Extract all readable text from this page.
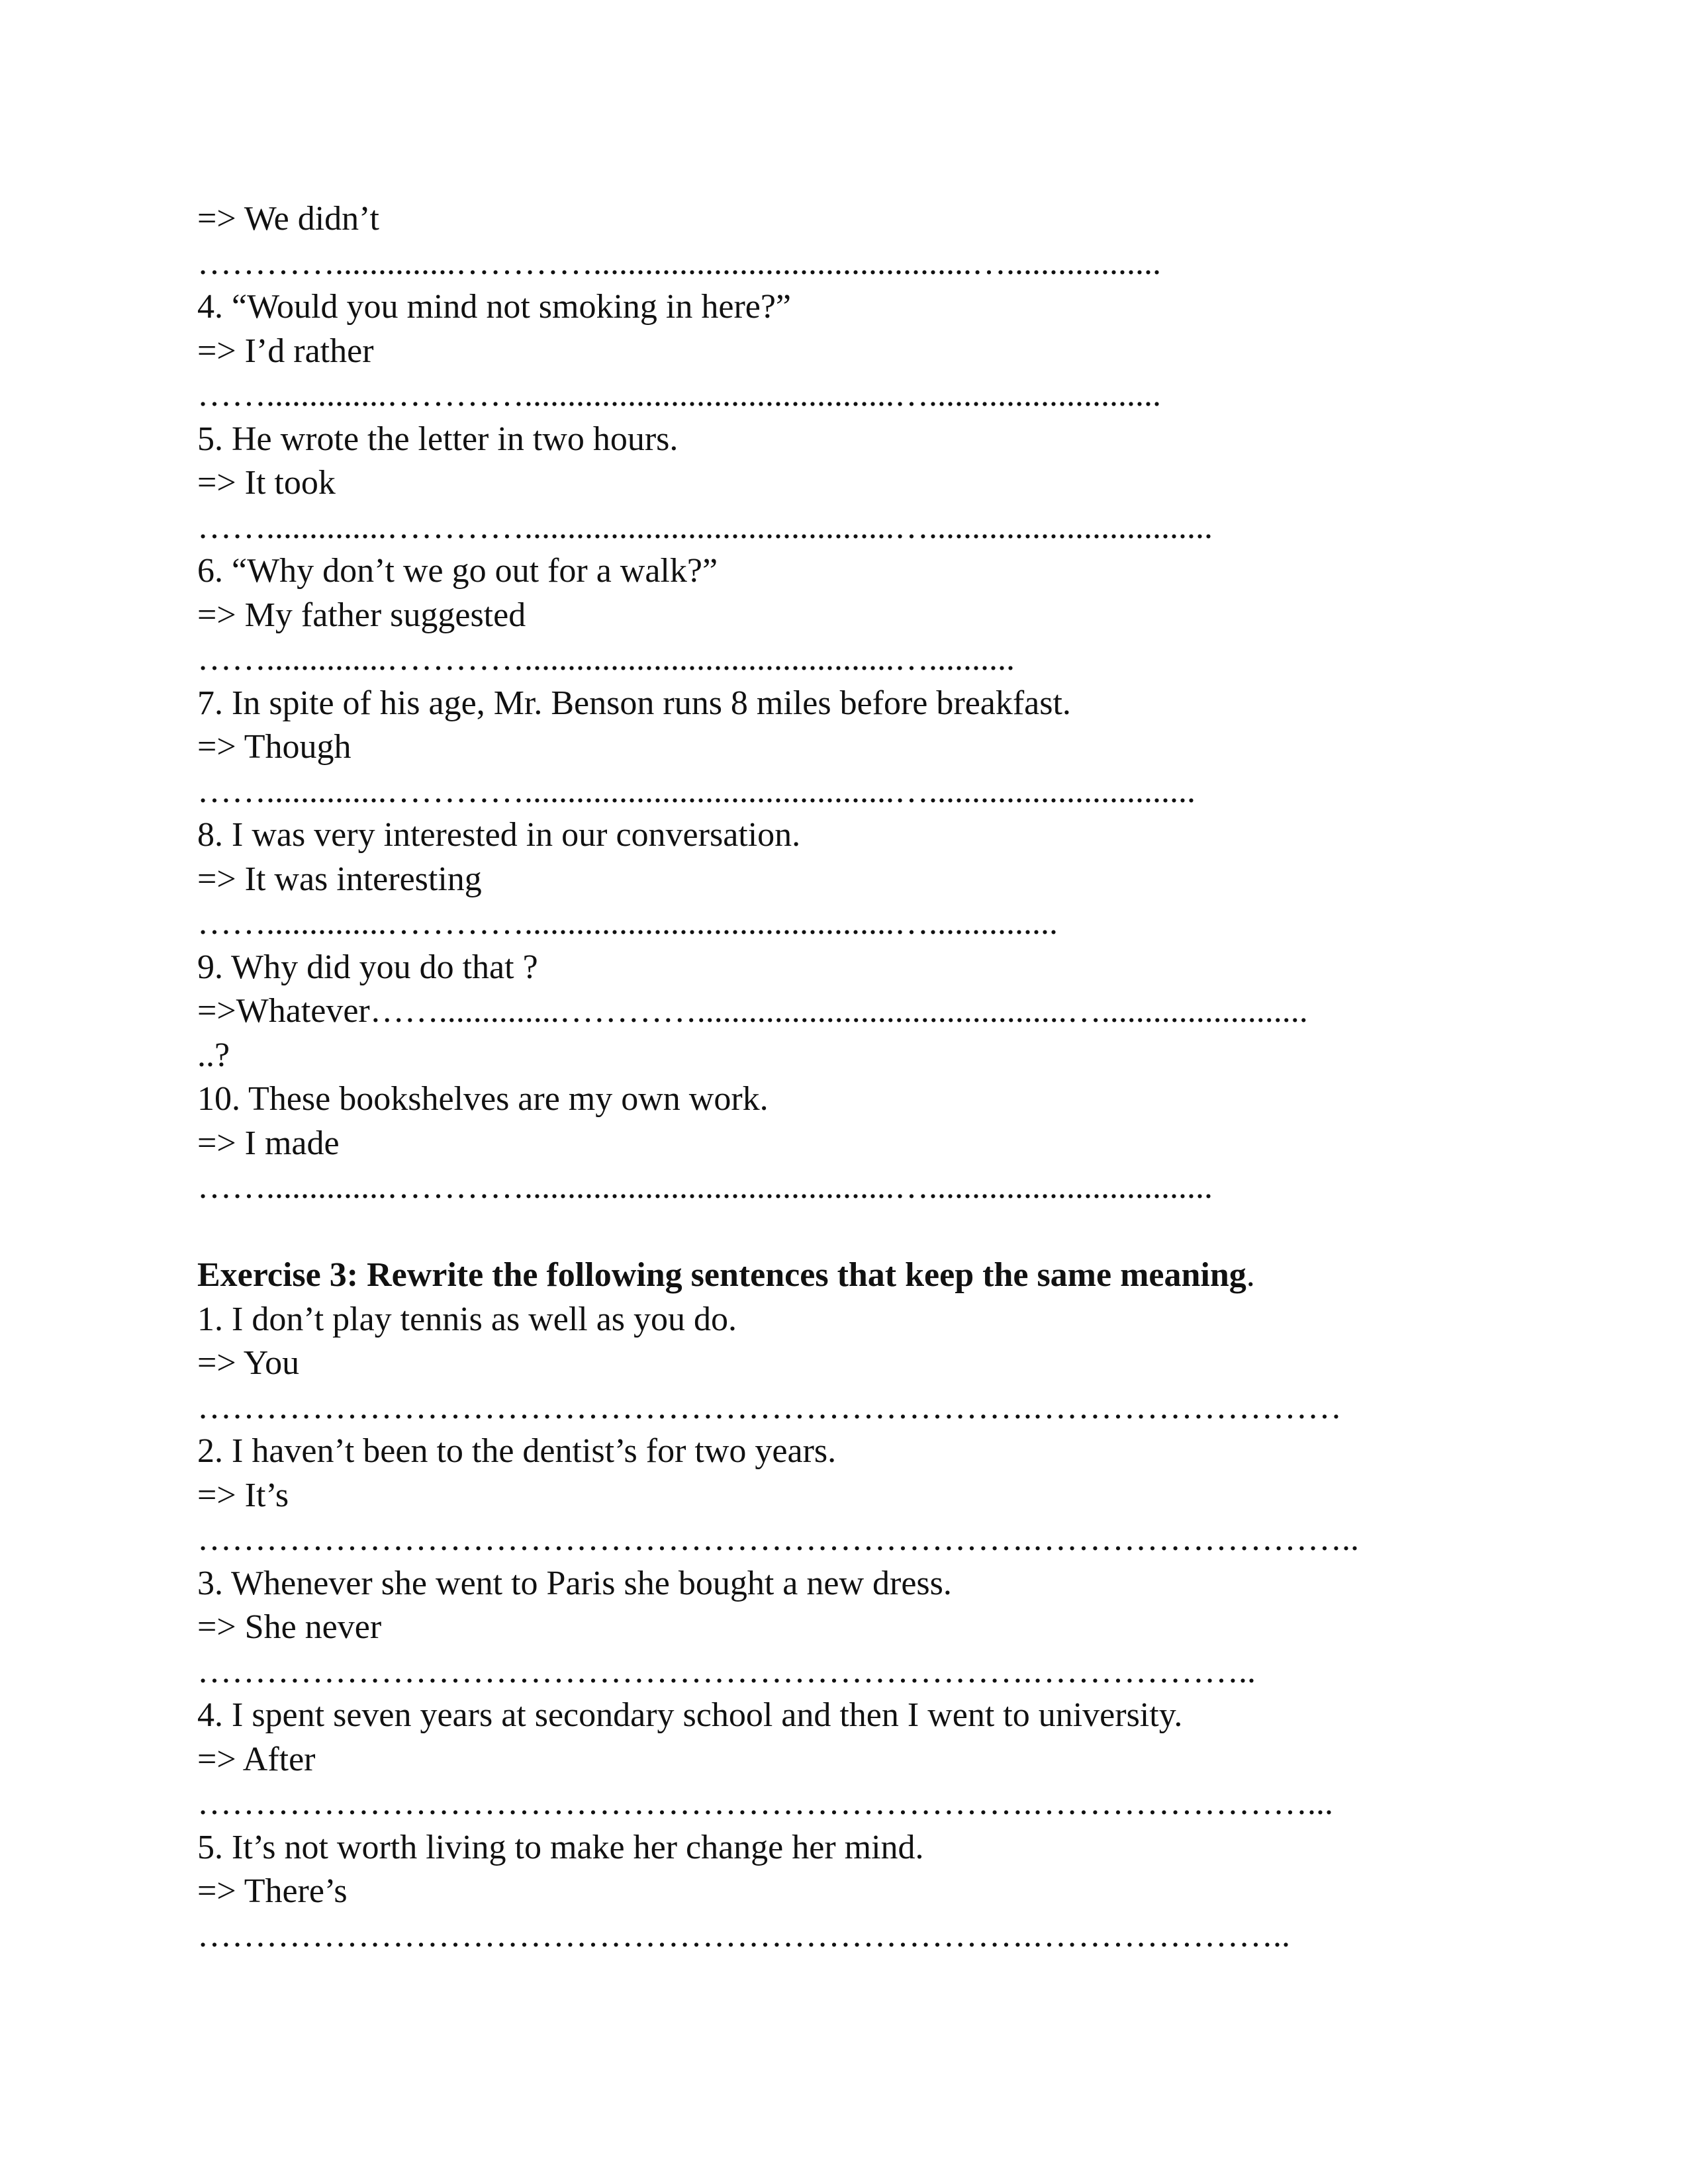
=> We didn’t
…………..............…………............................................…..................
4. “Would you mind not smoking in here?”
=> I’d rather
……..............…………...........................................…...........................
5. He wrote the letter in two hours.
=> It took
……..............…………...........................................….................................
6. “Why don’t we go out for a walk?”
=> My father suggested
……..............…………...........................................…..........
7. In spite of his age, Mr. Benson runs 8 miles before breakfast.
=> Though
……..............…………...........................................…...............................
8. I was very interested in our conversation.
=> It was interesting
……..............…………...........................................…...............
9. Why did you do that ?
=>Whatever……..............…………...........................................…........................
..?
10. These bookshelves are my own work.
=> I made
……..............…………...........................................….................................
Exercise 3: Rewrite the following sentences that keep the same meaning.
1. I don’t play tennis as well as you do.
=> You
……………………………………………………………….………………………
2. I haven’t been to the dentist’s for two years.
=> It’s
……………………………………………………………….………………………..
3. Whenever she went to Paris she bought a new dress.
=> She never
……………………………………………………………….………………..
4. I spent seven years at secondary school and then I went to university.
=> After
……………………………………………………………….……………………...
5. It’s not worth living to make her change her mind.
=> There’s
……………………………………………………………….…………………..
